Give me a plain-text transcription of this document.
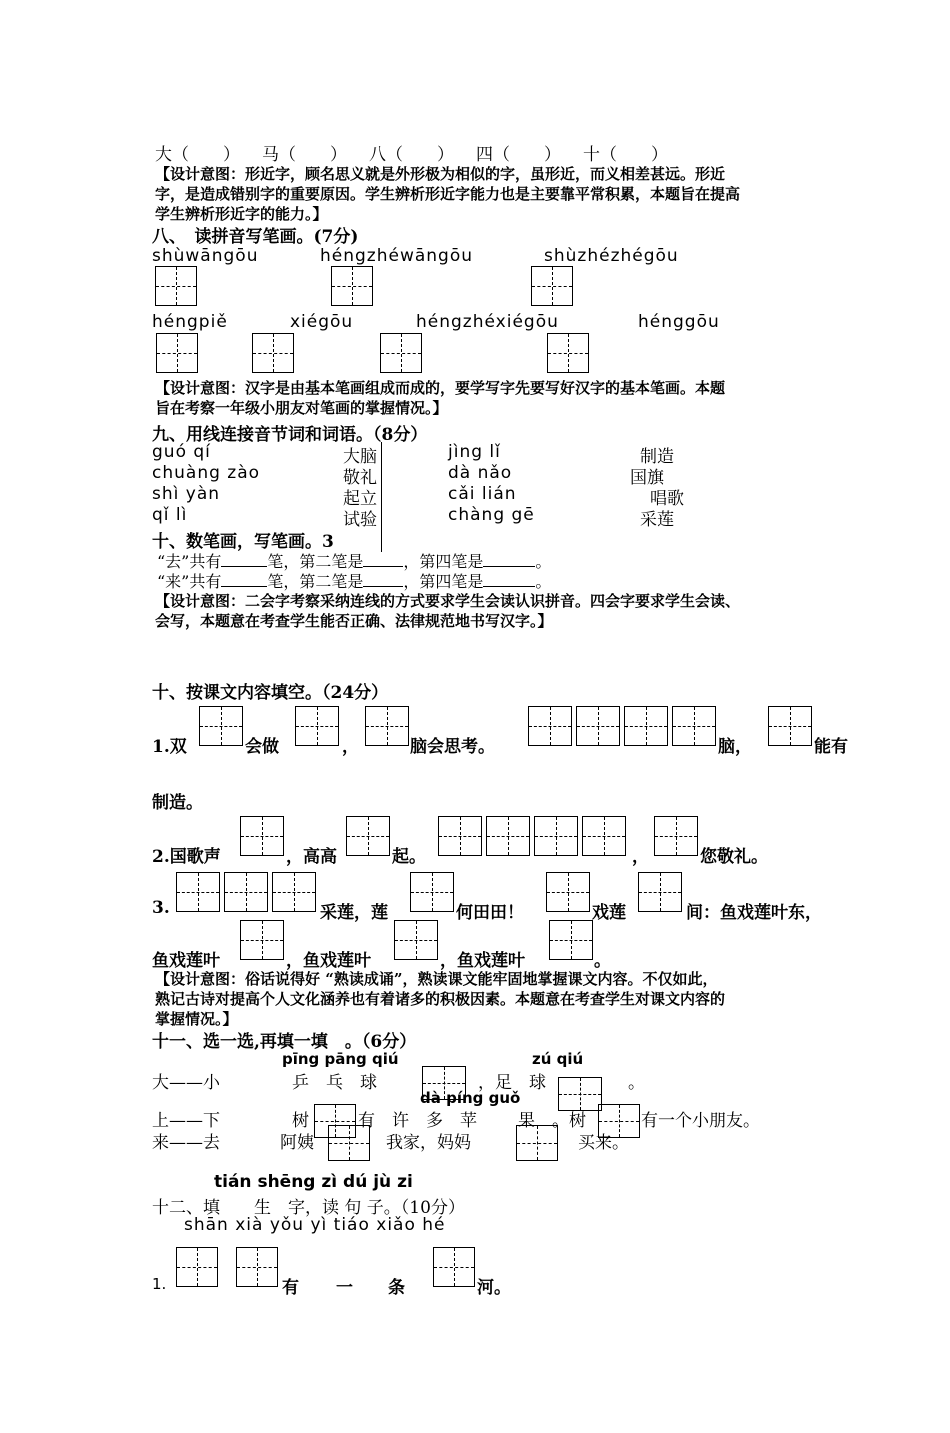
大（　　） 马（　　） 八（　　） 四（　　） 十（　　）
【设计意图：形近字，顾名思义就是外形极为相似的字，虽形近，而义相差甚远。形近
字，是造成错别字的重要原因。学生辨析形近字能力也是主要靠平常积累，本题旨在提高
学生辨析形近字的能力。】
八、　读拼音写笔画。(7分)
shùwāngōu	héngzhéwāngōu	shùzhézhégōu
héngpiě	xiégōu	héngzhéxiégōu	hénggōu
【设计意图：汉字是由基本笔画组成而成的，要学写字先要写好汉字的基本笔画。本题
旨在考察一年级小朋友对笔画的掌握情况。】
九、用线连接音节词和词语。（8分）
guó qí
chuàng zào
shì yàn
qǐ lì
大脑
敬礼
起立
试验
jìng lǐ
dà nǎo
cǎi lián
chàng gē
制造
国旗
唱歌
采莲
十、数笔画，写笔画。3
“去”共有	笔，第二笔是	，第四笔是	。
“来”共有	笔，第二笔是	，第四笔是	。
【设计意图：二会字考察采纳连线的方式要求学生会读认识拼音。四会字要求学生会读、
会写，本题意在考查学生能否正确、法律规范地书写汉字。】
十、按课文内容填空。（24分）
1.双	会做	，	脑会思考。	脑，	能有
制造。
2.国歌声	，高高	起。	，	您敬礼。
3.	采莲，莲	何田田！	戏莲	间：鱼戏莲叶东，
鱼戏莲叶	，鱼戏莲叶	，鱼戏莲叶	。
【设计意图：俗话说得好 “熟读成诵”，熟读课文能牢固地掌握课文内容。不仅如此，
熟记古诗对提高个人文化涵养也有着诸多的积极因素。本题意在考查学生对课文内容的
掌握情况。】
十一、选一选,再填一填　。（6分）
pīng pāng qiú	zú qiú
大——小	乒　乓　球	，足　球	。
dà píng guǒ
上——下	树	有　许　多　苹 果　。树	有一个小朋友。
来——去	阿姨	我家，妈妈	买来。
tián shēng zì dú jù zi
十二、填　　生　字，读 句 子。（10分）
shān xià yǒu yì tiáo xiǎo hé
1.	有 一 条	河。
